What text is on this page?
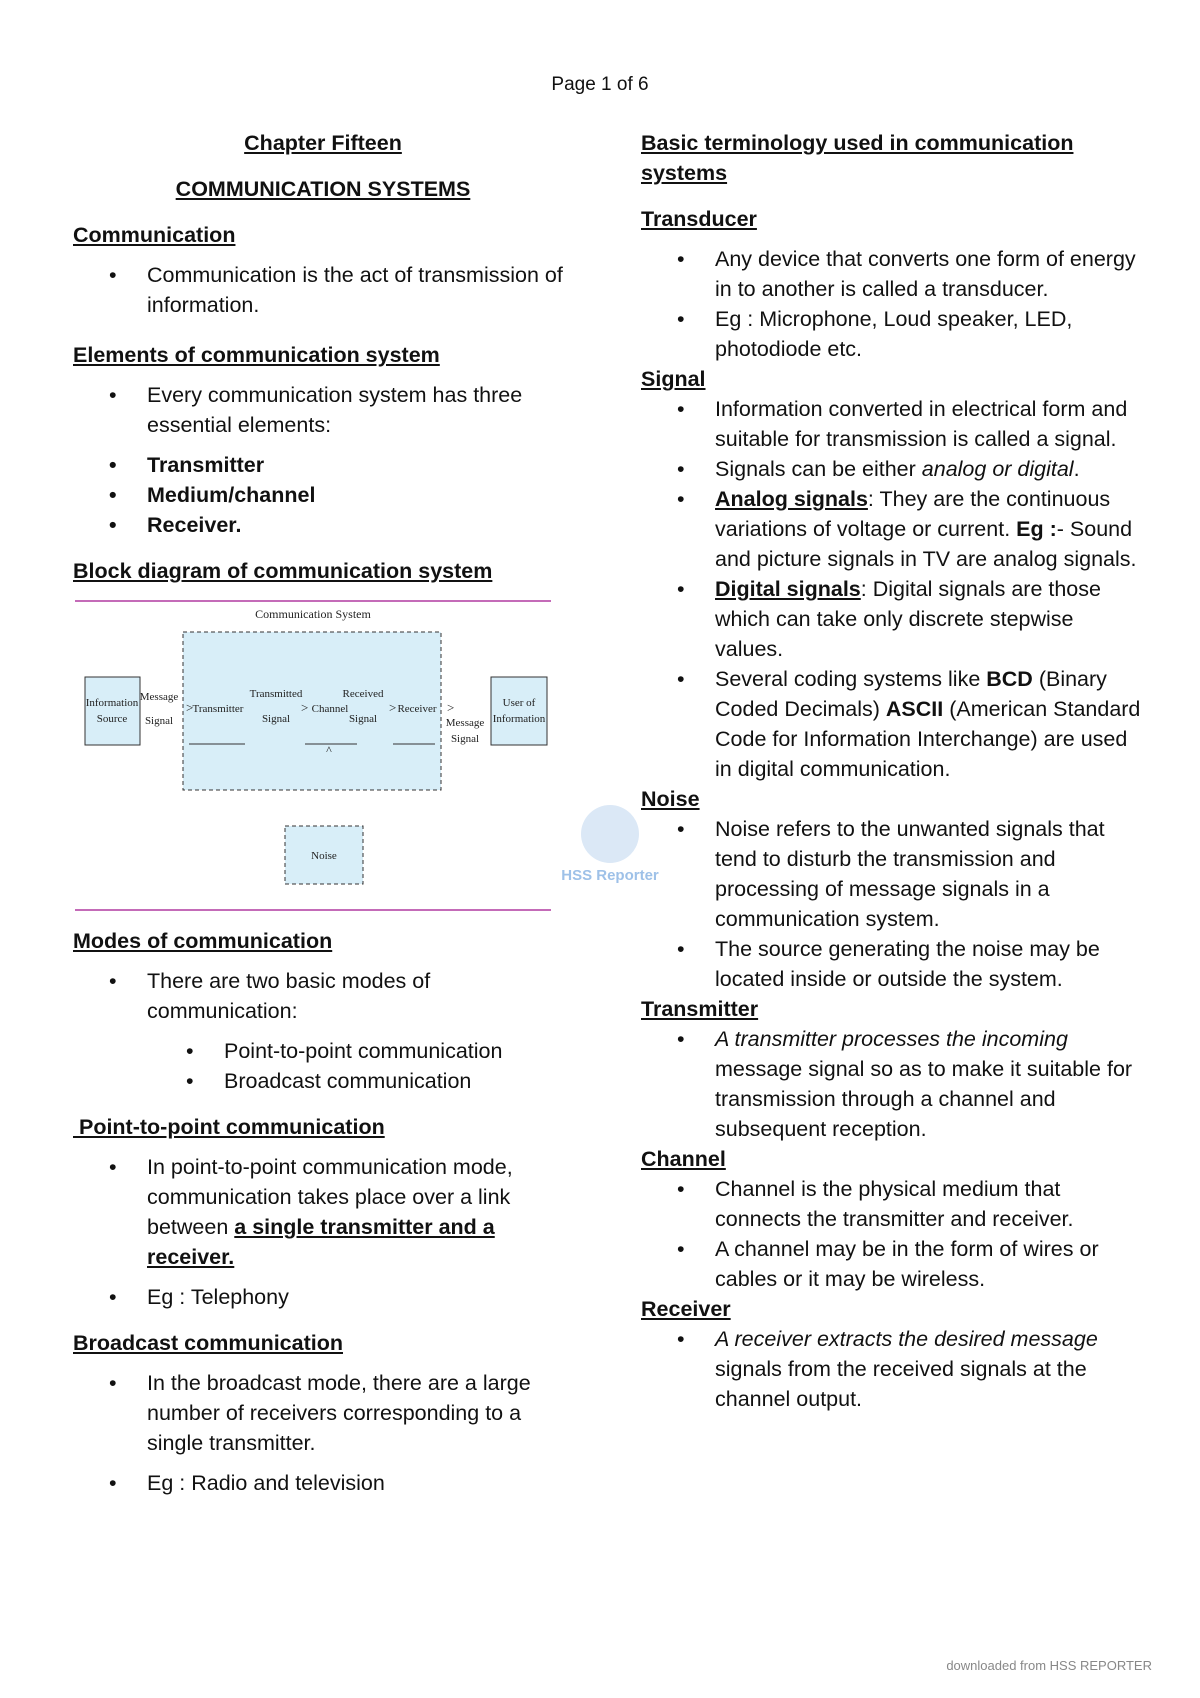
Page 1 of 6

Chapter Fifteen

COMMUNICATION SYSTEMS

Communication

• Communication is the act of transmission of information.

Elements of communication system

• Every communication system has three essential elements:
• Transmitter
• Medium/channel
• Receiver.

Block diagram of communication system

Communication System
Information
Source
Message
Signal
> Transmitter
Transmitted
Signal
> Channel
^
Received
Signal
> Receiver >
Message
Signal
User of
Information
Noise

Modes of communication

• There are two basic modes of communication:
• Point-to-point communication
• Broadcast communication

Point-to-point communication

• In point-to-point communication mode, communication takes place over a link between a single transmitter and a receiver.
• Eg : Telephony

Broadcast communication

• In the broadcast mode, there are a large number of receivers corresponding to a single transmitter.
• Eg : Radio and television

Basic terminology used in communication systems

Transducer

• Any device that converts one form of energy in to another is called a transducer.
• Eg : Microphone, Loud speaker, LED, photodiode etc.

Signal

• Information converted in electrical form and suitable for transmission is called a signal.
• Signals can be either analog or digital.
• Analog signals: They are the continuous variations of voltage or current. Eg :- Sound and picture signals in TV are analog signals.
• Digital signals: Digital signals are those which can take only discrete stepwise values.
• Several coding systems like BCD (Binary Coded Decimals) ASCII (American Standard Code for Information Interchange) are used in digital communication.

Noise

• Noise refers to the unwanted signals that tend to disturb the transmission and processing of message signals in a communication system.
• The source generating the noise may be located inside or outside the system.

Transmitter

• A transmitter processes the incoming message signal so as to make it suitable for transmission through a channel and subsequent reception.

Channel

• Channel is the physical medium that connects the transmitter and receiver.
• A channel may be in the form of wires or cables or it may be wireless.

Receiver

• A receiver extracts the desired message signals from the received signals at the channel output.
HSS Reporter
downloaded from HSS REPORTER
